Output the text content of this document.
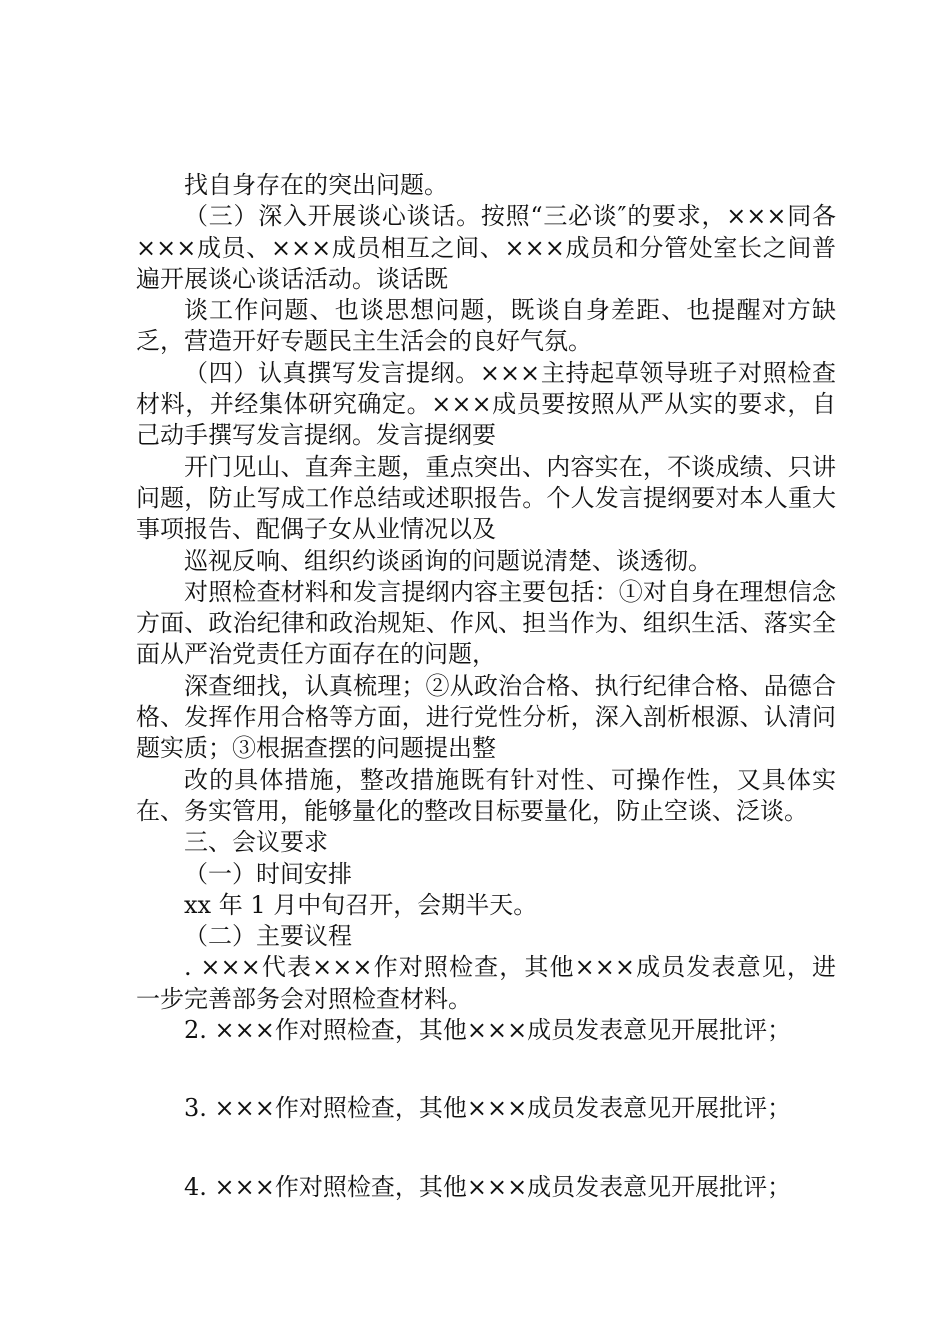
找自身存在的突出问题。

（三）深入开展谈心谈话。按照“三必谈″的要求，×××同各×××成员、×××成员相互之间、×××成员和分管处室长之间普遍开展谈心谈话活动。谈话既

谈工作问题、也谈思想问题，既谈自身差距、也提醒对方缺乏，营造开好专题民主生活会的良好气氛。

（四）认真撰写发言提纲。×××主持起草领导班子对照检查材料，并经集体研究确定。×××成员要按照从严从实的要求，自己动手撰写发言提纲。发言提纲要

开门见山、直奔主题，重点突出、内容实在，不谈成绩、只讲问题，防止写成工作总结或述职报告。个人发言提纲要对本人重大事项报告、配偶子女从业情况以及

巡视反响、组织约谈函询的问题说清楚、谈透彻。

对照检查材料和发言提纲内容主要包括：①对自身在理想信念方面、政治纪律和政治规矩、作风、担当作为、组织生活、落实全面从严治党责任方面存在的问题，

深查细找，认真梳理；②从政治合格、执行纪律合格、品德合格、发挥作用合格等方面，进行党性分析，深入剖析根源、认清问题实质；③根据查摆的问题提出整

改的具体措施，整改措施既有针对性、可操作性，又具体实在、务实管用，能够量化的整改目标要量化，防止空谈、泛谈。

三、会议要求

（一）时间安排

xx 年 1 月中旬召开，会期半天。

（二）主要议程

. ×××代表×××作对照检查，其他×××成员发表意见，进一步完善部务会对照检查材料。

2. ×××作对照检查，其他×××成员发表意见开展批评；

3. ×××作对照检查，其他×××成员发表意见开展批评；

4. ×××作对照检查，其他×××成员发表意见开展批评；
